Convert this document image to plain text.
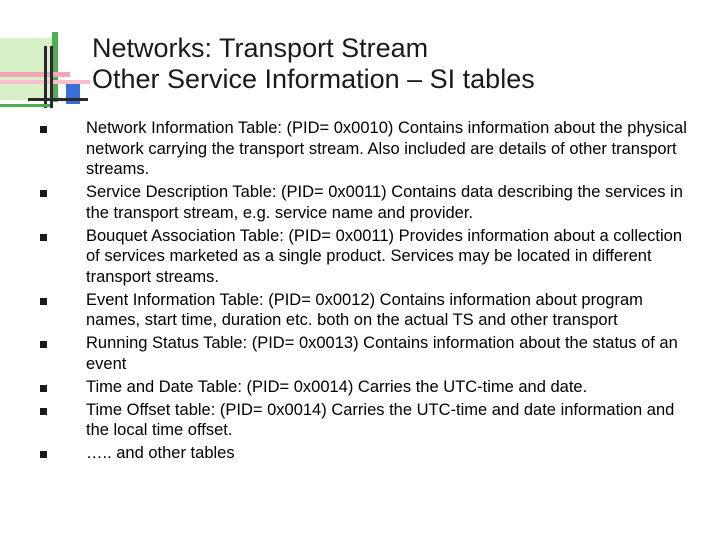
Networks: Transport Stream
Other Service Information – SI tables
Network Information Table: (PID= 0x0010) Contains information about the physical network carrying the transport stream. Also included are details of other transport streams.
Service Description Table: (PID= 0x0011) Contains data describing the services in the transport stream, e.g. service name and provider.
Bouquet Association Table: (PID= 0x0011) Provides information about a collection of services marketed as a single product. Services may be located in different transport streams.
Event Information Table: (PID= 0x0012) Contains information about program names, start time, duration etc. both on the actual TS and other transport
Running Status Table: (PID= 0x0013) Contains information about the status of an event
Time and Date Table: (PID= 0x0014) Carries the UTC-time and date.
Time Offset table: (PID= 0x0014) Carries the UTC-time and date information and the local time offset.
….. and other tables
